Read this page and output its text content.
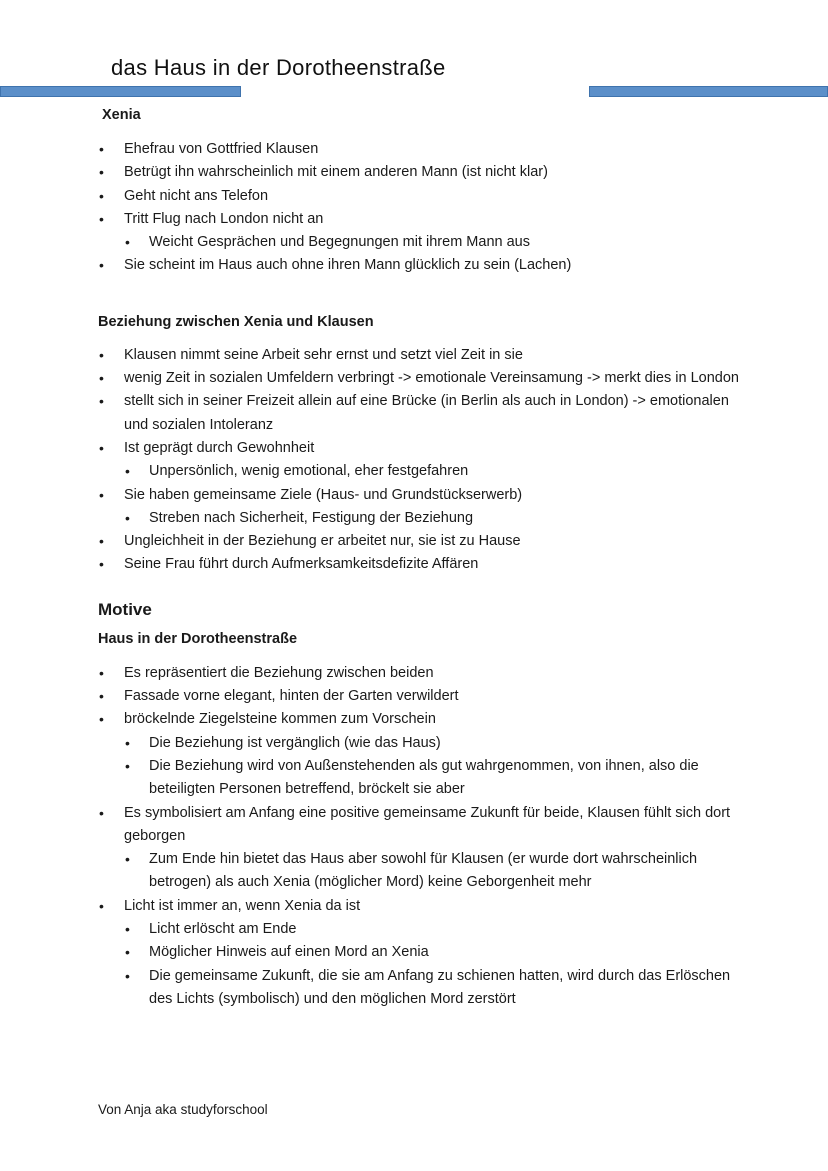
das Haus in der Dorotheenstraße
Xenia
• Ehefrau von Gottfried Klausen
• Betrügt ihn wahrscheinlich mit einem anderen Mann (ist nicht klar)
• Geht nicht ans Telefon
• Tritt Flug nach London nicht an
• Weicht Gesprächen und Begegnungen mit ihrem Mann aus
• Sie scheint im Haus auch ohne ihren Mann glücklich zu sein (Lachen)
Beziehung zwischen Xenia und Klausen
• Klausen nimmt seine Arbeit sehr ernst und setzt viel Zeit in sie
• wenig Zeit in sozialen Umfeldern verbringt -> emotionale Vereinsamung -> merkt dies in London
• stellt sich in seiner Freizeit allein auf eine Brücke (in Berlin als auch in London) -> emotionalen und sozialen Intoleranz
• Ist geprägt durch Gewohnheit
• Unpersönlich, wenig emotional, eher festgefahren
• Sie haben gemeinsame Ziele (Haus- und Grundstückserwerb)
• Streben nach Sicherheit, Festigung der Beziehung
• Ungleichheit in der Beziehung er arbeitet nur, sie ist zu Hause
• Seine Frau führt durch Aufmerksamkeitsdefizite Affären
Motive
Haus in der Dorotheenstraße
• Es repräsentiert die Beziehung zwischen beiden
• Fassade vorne elegant, hinten der Garten verwildert
• bröckelnde Ziegelsteine kommen zum Vorschein
• Die Beziehung ist vergänglich (wie das Haus)
• Die Beziehung wird von Außenstehenden als gut wahrgenommen, von ihnen, also die beteiligten Personen betreffend, bröckelt sie aber
• Es symbolisiert am Anfang eine positive gemeinsame Zukunft für beide, Klausen fühlt sich dort geborgen
• Zum Ende hin bietet das Haus aber sowohl für Klausen (er wurde dort wahrscheinlich betrogen) als auch Xenia (möglicher Mord) keine Geborgenheit mehr
• Licht ist immer an, wenn Xenia da ist
• Licht erlöscht am Ende
• Möglicher Hinweis auf einen Mord an Xenia
• Die gemeinsame Zukunft, die sie am Anfang zu schienen hatten, wird durch das Erlöschen des Lichts (symbolisch) und den möglichen Mord zerstört
Von Anja aka studyforschool
